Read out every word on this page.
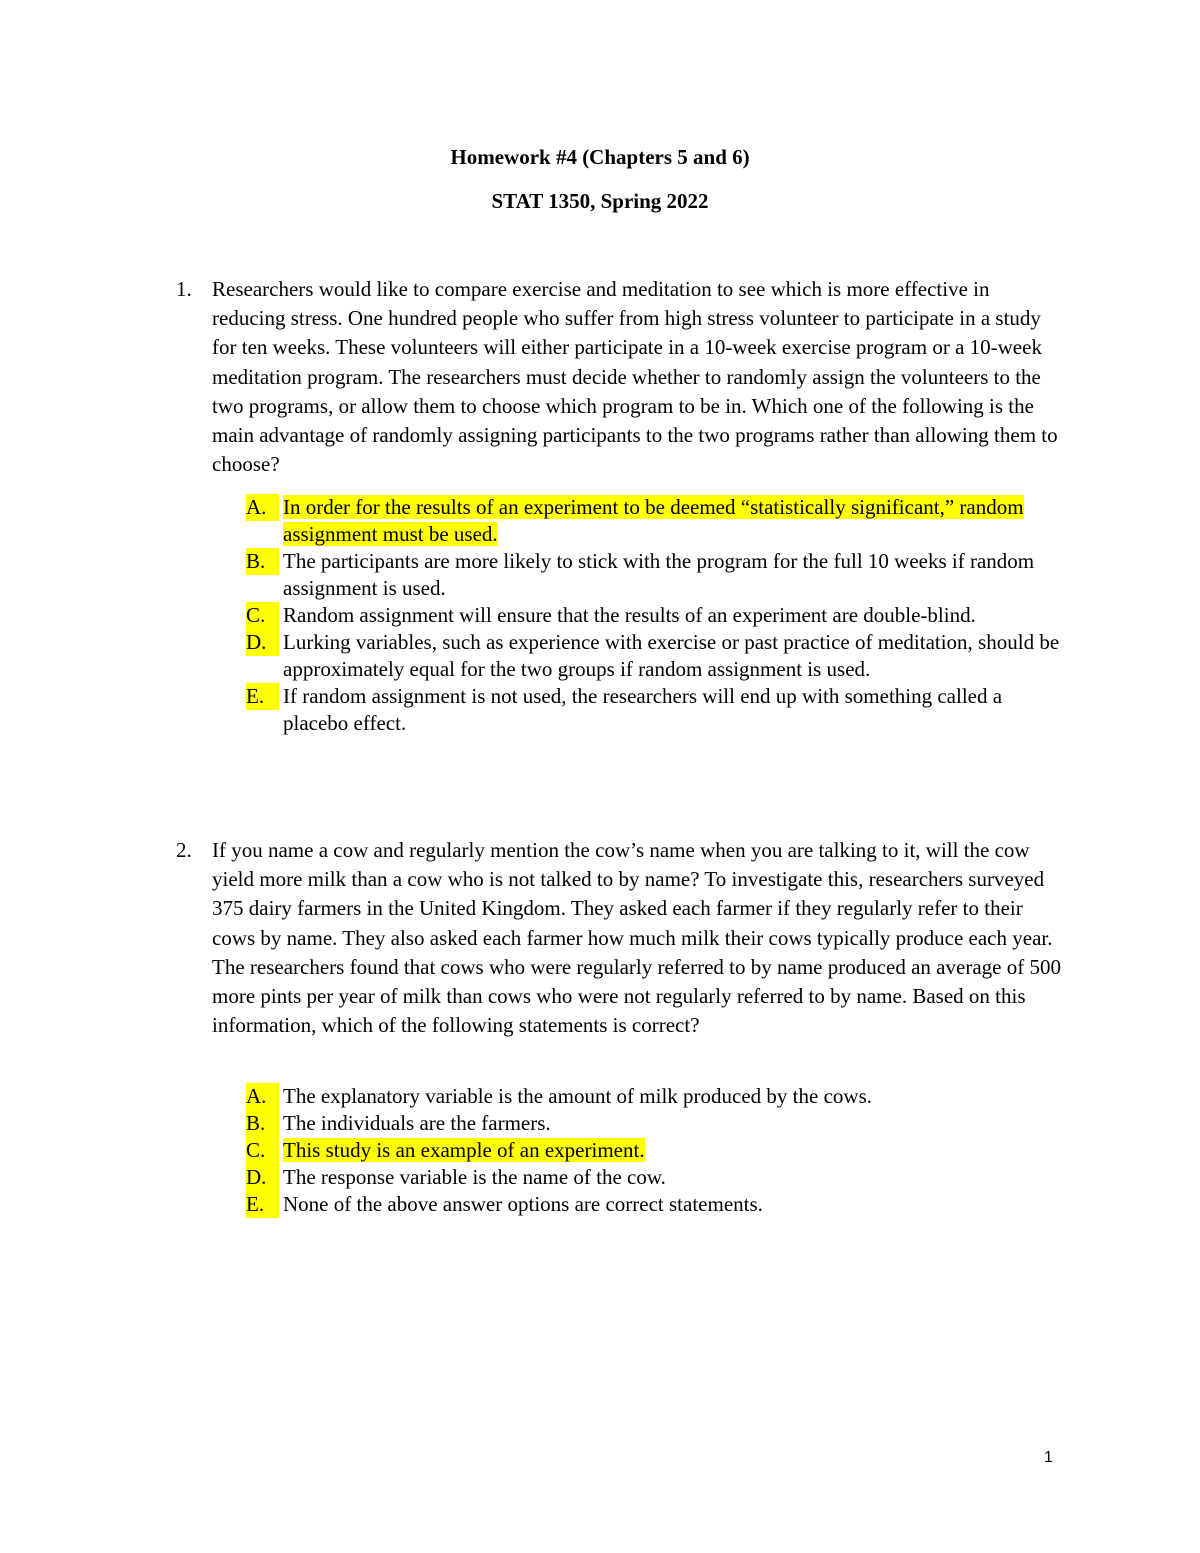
Homework #4 (Chapters 5 and 6)
STAT 1350, Spring 2022
1. Researchers would like to compare exercise and meditation to see which is more effective in reducing stress. One hundred people who suffer from high stress volunteer to participate in a study for ten weeks. These volunteers will either participate in a 10-week exercise program or a 10-week meditation program. The researchers must decide whether to randomly assign the volunteers to the two programs, or allow them to choose which program to be in. Which one of the following is the main advantage of randomly assigning participants to the two programs rather than allowing them to choose?
A. In order for the results of an experiment to be deemed “statistically significant,” random assignment must be used.
B. The participants are more likely to stick with the program for the full 10 weeks if random assignment is used.
C. Random assignment will ensure that the results of an experiment are double-blind.
D. Lurking variables, such as experience with exercise or past practice of meditation, should be approximately equal for the two groups if random assignment is used.
E. If random assignment is not used, the researchers will end up with something called a placebo effect.
2. If you name a cow and regularly mention the cow’s name when you are talking to it, will the cow yield more milk than a cow who is not talked to by name? To investigate this, researchers surveyed 375 dairy farmers in the United Kingdom. They asked each farmer if they regularly refer to their cows by name. They also asked each farmer how much milk their cows typically produce each year. The researchers found that cows who were regularly referred to by name produced an average of 500 more pints per year of milk than cows who were not regularly referred to by name. Based on this information, which of the following statements is correct?
A. The explanatory variable is the amount of milk produced by the cows.
B. The individuals are the farmers.
C. This study is an example of an experiment.
D. The response variable is the name of the cow.
E. None of the above answer options are correct statements.
1
